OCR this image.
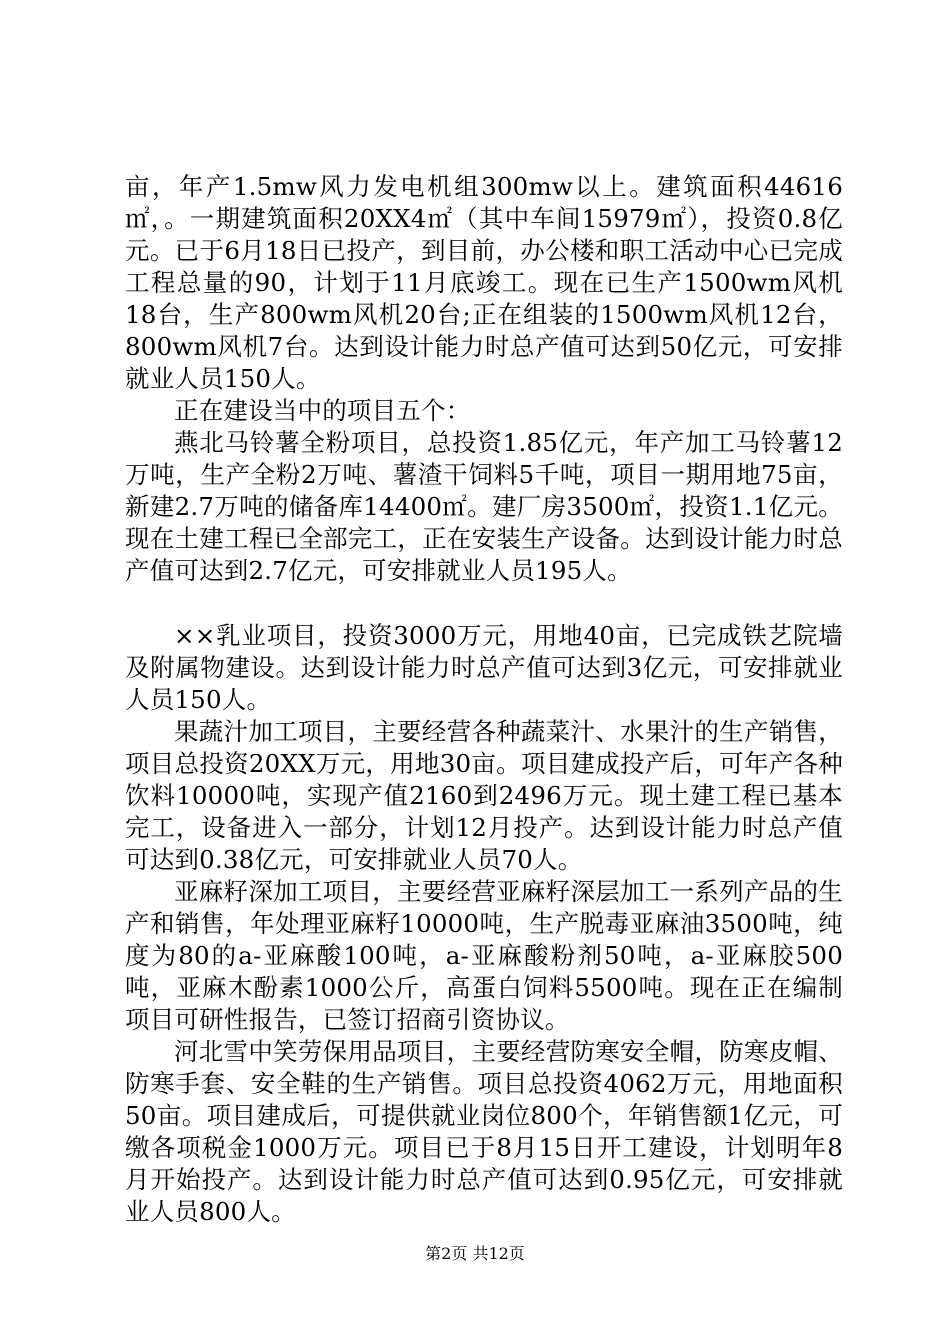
亩，年产1.5mw风力发电机组300mw以上。建筑面积44616㎡，。一期建筑面积20XX4㎡（其中车间15979㎡），投资0.8亿元。已于6月18日已投产，到目前，办公楼和职工活动中心已完成工程总量的90，计划于11月底竣工。现在已生产1500wm风机18台，生产800wm风机20台;正在组装的1500wm风机12台，800wm风机7台。达到设计能力时总产值可达到50亿元，可安排就业人员150人。

正在建设当中的项目五个：

燕北马铃薯全粉项目，总投资1.85亿元，年产加工马铃薯12万吨，生产全粉2万吨、薯渣干饲料5千吨，项目一期用地75亩，新建2.7万吨的储备库14400㎡。建厂房3500㎡，投资1.1亿元。现在土建工程已全部完工，正在安装生产设备。达到设计能力时总产值可达到2.7亿元，可安排就业人员195人。

××乳业项目，投资3000万元，用地40亩，已完成铁艺院墙及附属物建设。达到设计能力时总产值可达到3亿元，可安排就业人员150人。

果蔬汁加工项目，主要经营各种蔬菜汁、水果汁的生产销售，项目总投资20XX万元，用地30亩。项目建成投产后，可年产各种饮料10000吨，实现产值2160到2496万元。现土建工程已基本完工，设备进入一部分，计划12月投产。达到设计能力时总产值可达到0.38亿元，可安排就业人员70人。

亚麻籽深加工项目，主要经营亚麻籽深层加工一系列产品的生产和销售，年处理亚麻籽10000吨，生产脱毒亚麻油3500吨，纯度为80的a-亚麻酸100吨，a-亚麻酸粉剂50吨，a-亚麻胶500吨，亚麻木酚素1000公斤，高蛋白饲料5500吨。现在正在编制项目可研性报告，已签订招商引资协议。

河北雪中笑劳保用品项目，主要经营防寒安全帽，防寒皮帽、防寒手套、安全鞋的生产销售。项目总投资4062万元，用地面积50亩。项目建成后，可提供就业岗位800个，年销售额1亿元，可缴各项税金1000万元。项目已于8月15日开工建设，计划明年8月开始投产。达到设计能力时总产值可达到0.95亿元，可安排就业人员800人。

第2页 共12页
